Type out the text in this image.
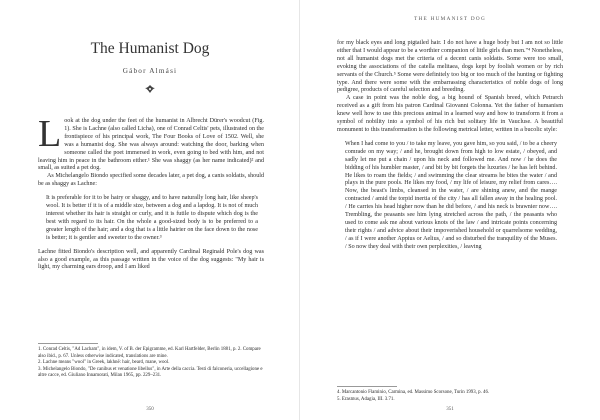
The Humanist Dog
Gábor Almási

Look at the dog under the feet of the humanist in Albrecht Dürer's woodcut (Fig. 1). She is Lachne (also called Licha), one of Conrad Celtis' pets, illustrated on the frontispiece of his principal work, The Four Books of Love of 1502. Well, she was a humanist dog. She was always around: watching the door, barking when someone called the poet immersed in work, even going to bed with him, and not leaving him in peace in the bathroom either.¹ She was shaggy (as her name indicated)² and small, as suited a pet dog.

As Michelangelo Biondo specified some decades later, a pet dog, a canis soldatis, should be as shaggy as Lachne:

It is preferable for it to be hairy or shaggy, and to have naturally long hair, like sheep's wool. It is better if it is of a middle size, between a dog and a lapdog. It is not of much interest whether its hair is straight or curly, and it is futile to dispute which dog is the best with regard to its hair. On the whole a good-sized body is to be preferred to a greater length of the hair; and a dog that is a little hairier on the face down to the nose is better; it is gentler and sweeter to the owner.³

Lachne fitted Biondo's description well, and apparently Cardinal Reginald Pole's dog was also a good example, as this passage written in the voice of the dog suggests: "My hair is light, my charming ears droop, and I am liked

1. Conrad Celtis, "Ad Lacham", in idem, V. of B. der Epigramme, ed. Karl Hartfelder, Berlin 1881, p. 2. Compare also ibid., p. 67. Unless otherwise indicated, translations are mine.

2. Lachne means "wool" in Greek, lakhnē: hair, beard, mane, wool.

3. Michelangelo Biondo, "De canibus et venatione libellus", in Arte della caccia. Testi di falconeria, uccellagione e altre cacce, ed. Giuliano Innamorati, Milan 1965, pp. 229–231.

350
THE HUMANIST DOG

for my black eyes and long pigtailed hair. I do not have a huge body but I am not so little either that I would appear to be a worthier companion of little girls than men."⁴ Nonetheless, not all humanist dogs met the criteria of a decent canis soldatis. Some were too small, evoking the associations of the catella melitaea, dogs kept by foolish women or by rich servants of the Church.⁵ Some were definitely too big or too much of the hunting or fighting type. And there were some with the embarrassing characteristics of noble dogs of long pedigree, products of careful selection and breeding.

A case in point was the noble dog, a big hound of Spanish breed, which Petrarch received as a gift from his patron Cardinal Giovanni Colonna. Yet the father of humanism knew well how to use this precious animal in a learned way and how to transform it from a symbol of nobility into a symbol of his rich but solitary life in Vaucluse. A beautiful monument to this transformation is the following metrical letter, written in a bucolic style:

When I had come to you / to take my leave, you gave him, so you said, / to be a cheery comrade on my way; / and he, brought down from high to low estate, / obeyed, and sadly let me put a chain / upon his neck and followed me. And now / he does the bidding of his humbler master, / and bit by bit forgets the luxuries / he has left behind. He likes to roam the fields; / and swimming the clear streams he bites the water / and plays in the pure pools. He likes my food, / my life of leisure, my relief from cares…. Now, the beast's limbs, cleansed in the water, / are shining anew, and the mange contracted / amid the torpid inertia of the city / has all fallen away in the healing pool. / He carries his head higher now than he did before, / and his neck is brawnier now…. Trembling, the peasants see him lying stretched across the path, / the peasants who used to come ask me about various knots of the law / and intricate points concerning their rights / and advice about their impoverished household or quarrelsome wedding, / as if I were another Appius or Aelius, / and so disturbed the tranquility of the Muses. / So now they deal with their own perplexities, / leaving

4. Marcantonio Flaminio, Carmina, ed. Massimo Scorsone, Turin 1993, p. 46.

5. Erasmus, Adagia, III. 3.71.

351
